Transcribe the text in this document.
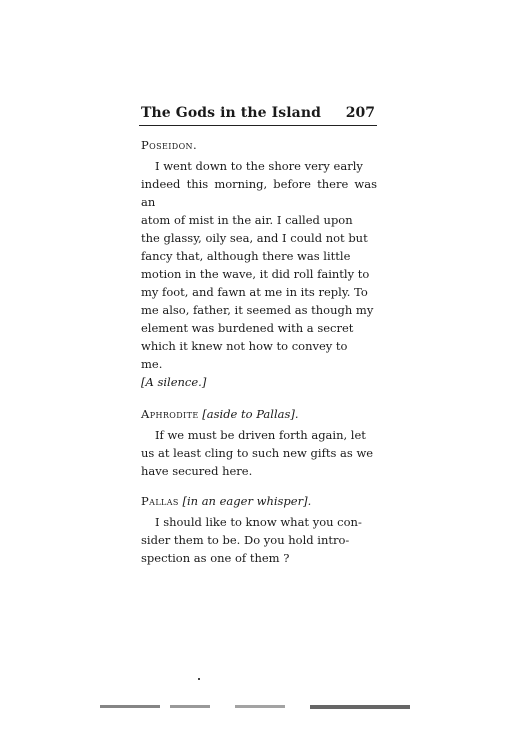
The Gods in the Island 207

Poseidon.

I went down to the shore very early

indeed this morning, before there was an

atom of mist in the air. I called upon

the glassy, oily sea, and I could not but

fancy that, although there was little

motion in the wave, it did roll faintly to

my foot, and fawn at me in its reply. To

me also, father, it seemed as though my

element was burdened with a secret

which it knew not how to convey to

me.

[A silence.]

Aphrodite [aside to Pallas].

If we must be driven forth again, let

us at least cling to such new gifts as we

have secured here.

Pallas [in an eager whisper].

I should like to know what you con-

sider them to be. Do you hold intro-

spection as one of them ?
